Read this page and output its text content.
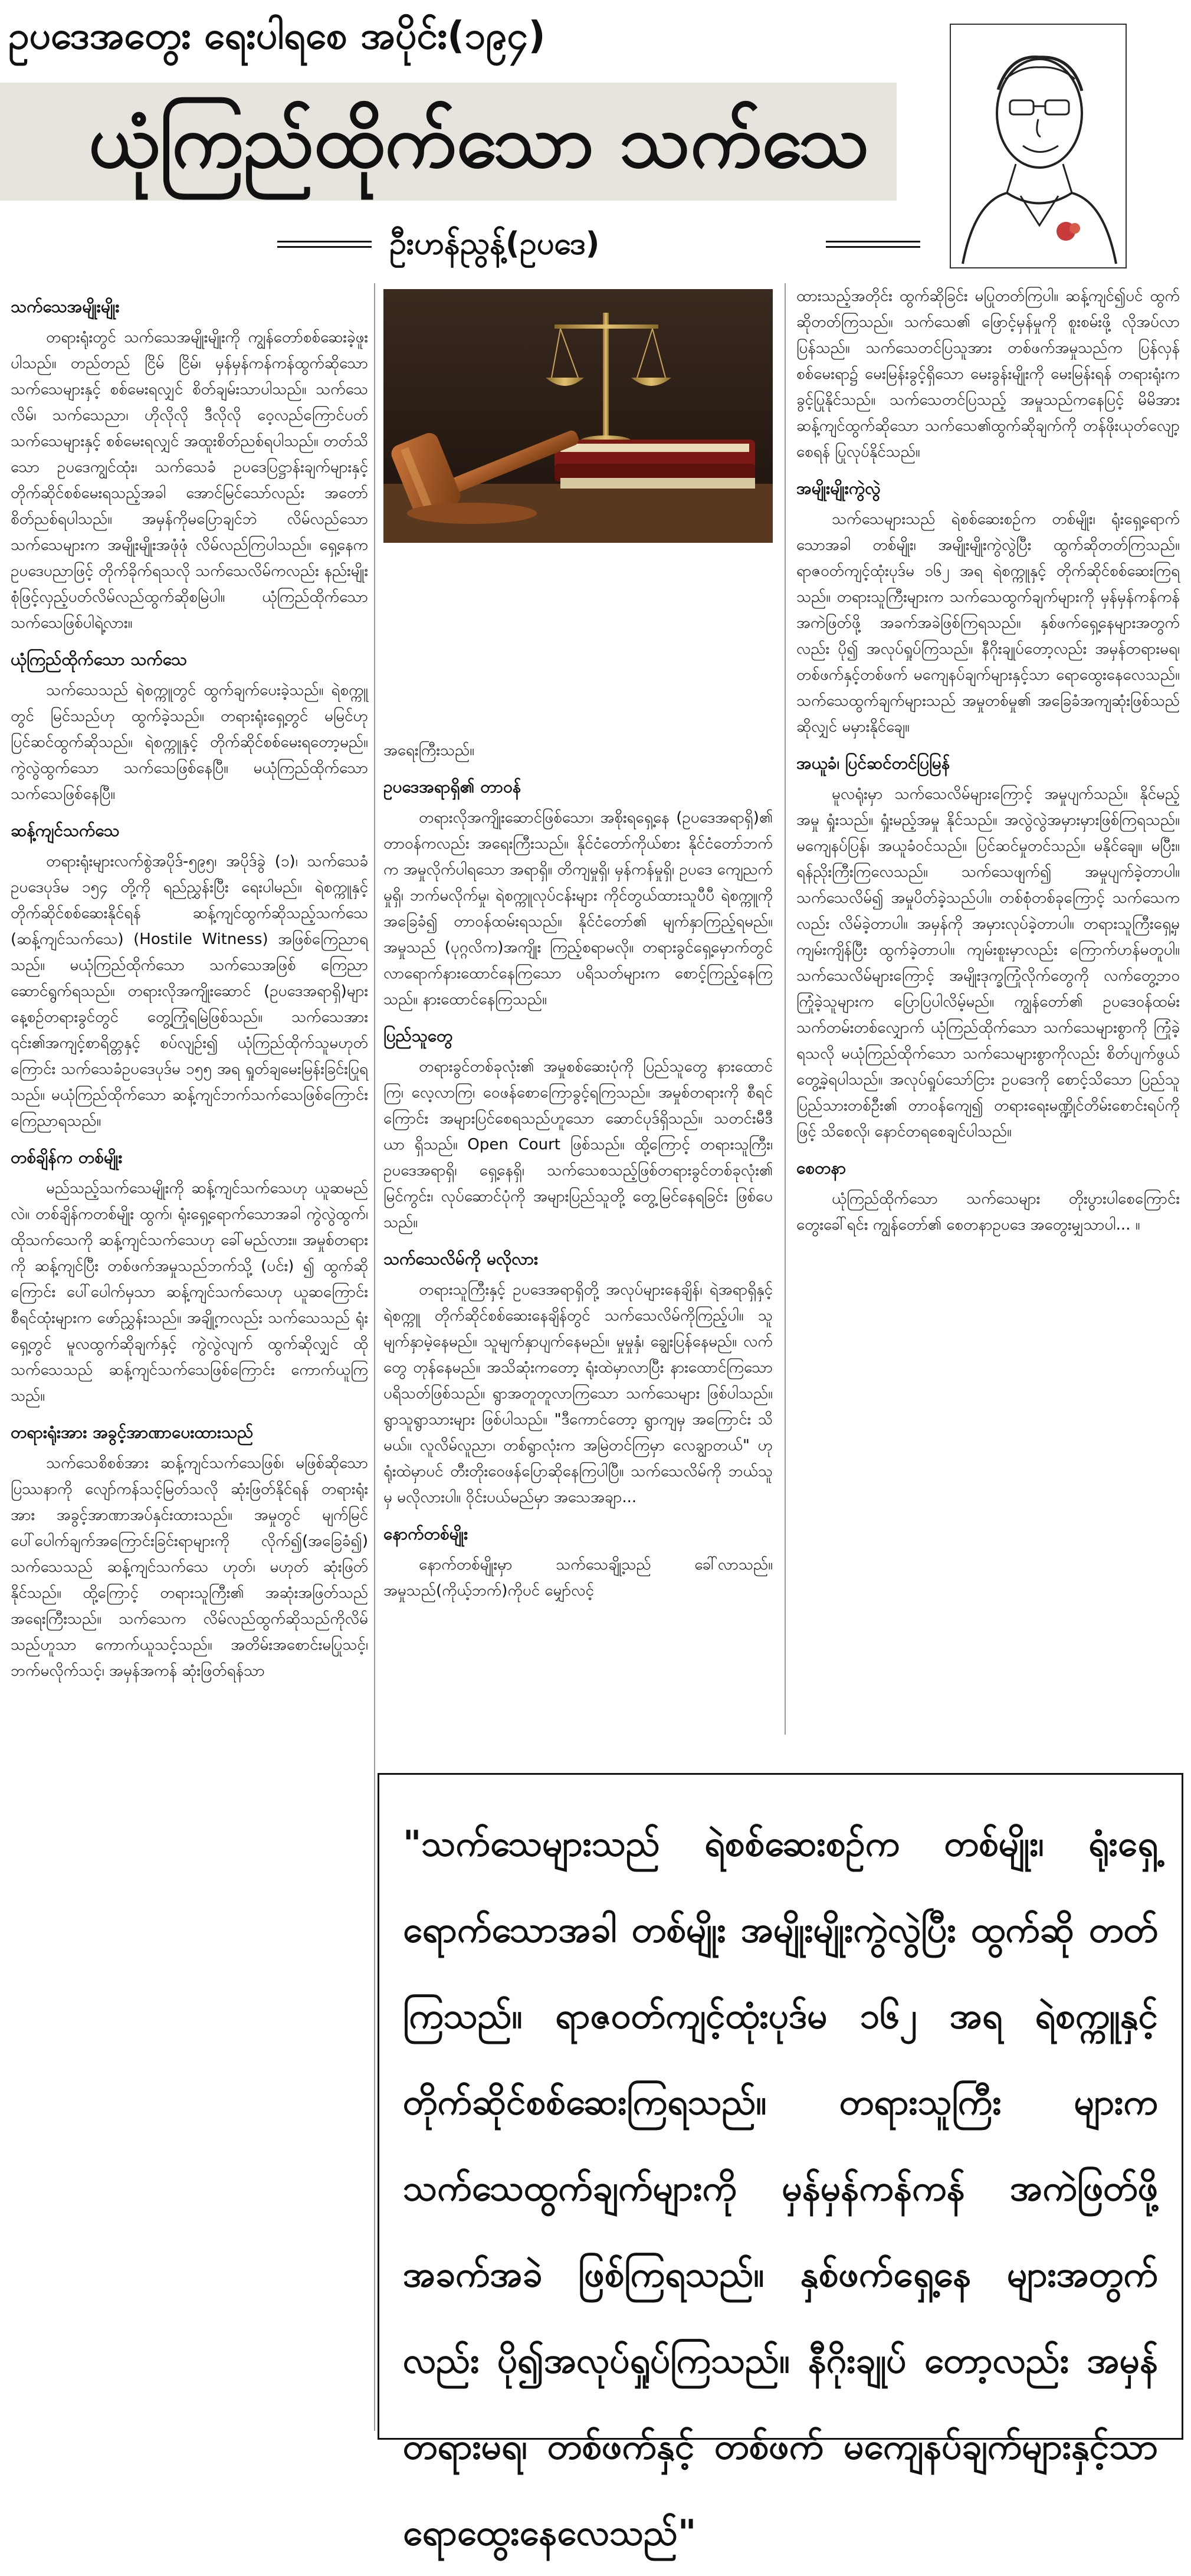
ဥပဒေအတွေး ရေးပါရစေ အပိုင်း(၁၉၄)
ယုံကြည်ထိုက်သော သက်သေ
ဦးဟန်ညွန့်(ဥပဒေ)
သက်သေအမျိုးမျိုး
တရားရုံးတွင် သက်သေအမျိုးမျိုးကို ကျွန်တော်စစ်ဆေးခဲ့ဖူးပါသည်။ တည်တည် ငြိမ် ငြိမ်၊ မှန်မှန်ကန်ကန်ထွက်ဆိုသော သက်သေများနှင့် စစ်မေးရလျှင် စိတ်ချမ်းသာပါသည်။ သက်သေလိမ်၊ သက်သေညာ၊ ဟိုလိုလို ဒီလိုလို ဝေ့လည်ကြောင်ပတ် သက်သေများနှင့် စစ်မေးရလျှင် အထူးစိတ်ညစ်ရပါသည်။ တတ်သိသော ဥပဒေကျွင်ထုံး၊ သက်သေခံ ဥပဒေပြဋ္ဌာန်းချက်များနှင့် တိုက်ဆိုင်စစ်မေးရသည့်အခါ အောင်မြင်သော်လည်း အတော်စိတ်ညစ်ရပါသည်။ အမှန်ကိုမပြောချင်ဘဲ လိမ်လည်သောသက်သေများက အမျိုးမျိုးအဖုံဖုံ လိမ်လည်ကြပါသည်။ ရှေ့နေက ဥပဒေပညာဖြင့် တိုက်ခိုက်ရသလို သက်သေလိမ်ကလည်း နည်းမျိုးစုံဖြင့်လှည့်ပတ်လိမ်လည်ထွက်ဆိုစမြဲပါ။ ယုံကြည်ထိုက်သော သက်သေဖြစ်ပါရဲ့လား။
ယုံကြည်ထိုက်သော သက်သေ
သက်သေသည် ရဲစက္ကူတွင် ထွက်ချက်ပေးခဲ့သည်။ ရဲစက္ကူတွင် မြင်သည်ဟု ထွက်ခဲ့သည်။ တရားရုံးရှေ့တွင် မမြင်ဟု ပြင်ဆင်ထွက်ဆိုသည်။ ရဲစက္ကူနှင့် တိုက်ဆိုင်စစ်မေးရတော့မည်။ ကွဲလွဲထွက်သော သက်သေဖြစ်နေပြီ။ မယုံကြည်ထိုက်သော သက်သေဖြစ်နေပြီ။
ဆန့်ကျင်သက်သေ
တရားရုံးများလက်စွဲအပိုဒ်-၅၉၅၊ အပိုဒ်ခွဲ (၁)၊ သက်သေခံဥပဒေပုဒ်မ ၁၅၄ တို့ကို ရည်ညွှန်းပြီး ရေးပါမည်။ ရဲစက္ကူနှင့် တိုက်ဆိုင်စစ်ဆေးနိုင်ရန် ဆန့်ကျင်ထွက်ဆိုသည့်သက်သေ (ဆန့်ကျင်သက်သေ) (Hostile Witness) အဖြစ်ကြေညာရသည်။ မယုံကြည်ထိုက်သော သက်သေအဖြစ် ကြေညာဆောင်ရွက်ရသည်။ တရားလိုအကျိုးဆောင် (ဥပဒေအရာရှိ)များ နေ့စဉ်တရားခွင်တွင် တွေ့ကြုံရမြဲဖြစ်သည်။ သက်သေအား ၎င်း၏အကျင့်စာရိတ္တနှင့် စပ်လျဉ်း၍ ယုံကြည်ထိုက်သူမဟုတ်ကြောင်း သက်သေခံဥပဒေပုဒ်မ ၁၅၅ အရ ရှုတ်ချမေးမြန်းခြင်းပြုရသည်။ မယုံကြည်ထိုက်သော ဆန့်ကျင်ဘက်သက်သေဖြစ်ကြောင်း ကြေညာရသည်။
တစ်ချိန်က တစ်မျိုး
မည်သည့်သက်သေမျိုးကို ဆန့်ကျင်သက်သေဟု ယူဆမည်လဲ။ တစ်ချိန်ကတစ်မျိုး ထွက်၊ ရုံးရှေ့ရောက်သောအခါ ကွဲလွဲထွက်၊ ထိုသက်သေကို ဆန့်ကျင်သက်သေဟု ခေါ်မည်လား။ အမှုစ်တရားကို ဆန့်ကျင်ပြီး တစ်ဖက်အမှုသည်ဘက်သို့ (ပင်း) ၍ ထွက်ဆိုကြောင်း ပေါ်ပေါက်မှသာ ဆန့်ကျင်သက်သေဟု ယူဆကြောင်း စီရင်ထုံးများက ဖော်ညွှန်းသည်။ အချို့ကလည်း သက်သေသည် ရုံးရှေ့တွင် မူလထွက်ဆိုချက်နှင့် ကွဲလွဲလျက် ထွက်ဆိုလျှင် ထိုသက်သေသည် ဆန့်ကျင်သက်သေဖြစ်ကြောင်း ကောက်ယူကြသည်။
တရားရုံးအား အခွင့်အာဏာပေးထားသည်
သက်သေစိစစ်အား ဆန့်ကျင်သက်သေဖြစ်၊ မဖြစ်ဆိုသော ပြဿနာကို လျော်ကန်သင့်မြတ်သလို ဆုံးဖြတ်နိုင်ရန် တရားရုံးအား အခွင့်အာဏာအပ်နှင်းထားသည်။ အမှုတွင် မျက်မြင်ပေါ်ပေါက်ချက်အကြောင်းခြင်းရာများကို လိုက်၍(အခြေခံ၍) သက်သေသည် ဆန့်ကျင်သက်သေ ဟုတ်၊ မဟုတ် ဆုံးဖြတ်နိုင်သည်။ ထို့ကြောင့် တရားသူကြီး၏ အဆုံးအဖြတ်သည် အရေးကြီးသည်။ သက်သေက လိမ်လည်ထွက်ဆိုသည်ကိုလိမ်သည်ဟူသာ ကောက်ယူသင့်သည်။ အတိမ်းအစောင်းမပြုသင့်၊ ဘက်မလိုက်သင့်၊ အမှန်အကန် ဆုံးဖြတ်ရန်သာ
အရေးကြီးသည်။
ဥပဒေအရာရှိ၏ တာဝန်
တရားလိုအကျိုးဆောင်ဖြစ်သော၊ အစိုးရရှေ့နေ (ဥပဒေအရာရှိ)၏ တာဝန်ကလည်း အရေးကြီးသည်။ နိုင်ငံတော်ကိုယ်စား နိုင်ငံတော်ဘက်က အမှုလိုက်ပါရသော အရာရှိ။ တိကျမှုရှိ၊ မှန်ကန်မှုရှိ၊ ဥပဒေ ကျေညက်မှုရှိ၊ ဘက်မလိုက်မှု၊ ရဲစက္ကူလုပ်ငန်းများ ကိုင်တွယ်ထားသူပီပီ ရဲစက္ကူကို အခြေခံ၍ တာဝန်ထမ်းရသည်။ နိုင်ငံတော်၏ မျက်နှာကြည့်ရမည်။ အမှုသည် (ပုဂ္ဂလိက)အကျိုး ကြည့်စရာမလို။ တရားခွင်ရှေ့မှောက်တွင် လာရောက်နားထောင်နေကြသော ပရိသတ်များက စောင့်ကြည့်နေကြသည်။ နားထောင်နေကြသည်။
ပြည်သူတွေ
တရားခွင်တစ်ခုလုံး၏ အမှုစစ်ဆေးပုံကို ပြည်သူတွေ နားထောင်ကြ၊ လေ့လာကြ၊ ဝေဖန်စောကြောခွင့်ရကြသည်။ အမှုစ်တရားကို စီရင်ကြောင်း အများပြင်စေရသည်ဟူသော ဆောင်ပုဒ်ရှိသည်။ သတင်းမီဒီယာ ရှိသည်။ Open Court ဖြစ်သည်။ ထို့ကြောင့် တရားသူကြီး၊ ဥပဒေအရာရှိ၊ ရှေ့နေရှိ၊ သက်သေစသည့်ဖြစ်တရားခွင်တစ်ခုလုံး၏ မြင်ကွင်း၊ လုပ်ဆောင်ပုံကို အများပြည်သူတို့ တွေ့မြင်နေရခြင်း ဖြစ်ပေသည်။
သက်သေလိမ်ကို မလိုလား
တရားသူကြီးနှင့် ဥပဒေအရာရှိတို့ အလုပ်များနေချိန်၊ ရဲအရာရှိနှင့် ရဲစက္ကူ တိုက်ဆိုင်စစ်ဆေးနေချိန်တွင် သက်သေလိမ်ကိုကြည့်ပါ။ သူမျက်နှာမဲ့နေမည်။ သူမျက်နှာပျက်နေမည်။ မှုမှုနှံ၊ ချွေးပြန်နေမည်။ လက်တွေ တုန်နေမည်။ အသိဆုံးကတော့ ရုံးထဲမှာလာပြီး နားထောင်ကြသော ပရိသတ်ဖြစ်သည်။ ရွာအတူတူလာကြသော သက်သေများ ဖြစ်ပါသည်။ ရွာသူရွာသားများ ဖြစ်ပါသည်။ "ဒီကောင်တော့ ရွာကျမှ အကြောင်း သိမယ်။ လူလိမ်လူညာ၊ တစ်ရွာလုံးက အမြဲတင်ကြမှာ လေချွာတယ်" ဟု ရုံးထဲမှာပင် တီးတိုးဝေဖန်ပြောဆိုနေကြပါပြီ။ သက်သေလိမ်ကို ဘယ်သူမှ မလိုလားပါ။ ဝိုင်းပယ်မည်မှာ အသေအချာ...
နောက်တစ်မျိုး
နောက်တစ်မျိုးမှာ သက်သေချို့သည် ခေါ်လာသည်။ အမှုသည်(ကိုယ့်ဘက်)ကိုပင် မျှော်လင့်
ထားသည့်အတိုင်း ထွက်ဆိုခြင်း မပြုတတ်ကြပါ။ ဆန့်ကျင်၍ပင် ထွက်ဆိုတတ်ကြသည်။ သက်သေ၏ ဖြောင့်မှန်မှုကို စူးစမ်းဖို့ လိုအပ်လာပြန်သည်။ သက်သေတင်ပြသူအား တစ်ဖက်အမှုသည်က ပြန်လှန်စစ်မေးရာ၌ မေးမြန်းခွင့်ရှိသော မေးခွန်းမျိုးကို မေးမြန်းရန် တရားရုံးက ခွင့်ပြုနိုင်သည်။ သက်သေတင်ပြသည့် အမှုသည်ကနေပြင့် မိမိအား ဆန့်ကျင်ထွက်ဆိုသော သက်သေ၏ထွက်ဆိုချက်ကို တန်ဖိုးယုတ်လျော့စေရန် ပြုလုပ်နိုင်သည်။
အမျိုးမျိုးကွဲလွဲ
သက်သေများသည် ရဲစစ်ဆေးစဉ်က တစ်မျိုး၊ ရုံးရှေ့ရောက်သောအခါ တစ်မျိုး၊ အမျိုးမျိုးကွဲလွဲပြီး ထွက်ဆိုတတ်ကြသည်။ ရာဇဝတ်ကျင့်ထုံးပုဒ်မ ၁၆၂ အရ ရဲစက္ကူနှင့် တိုက်ဆိုင်စစ်ဆေးကြရသည်။ တရားသူကြီးများက သက်သေထွက်ချက်များကို မှန်မှန်ကန်ကန် အကဲဖြတ်ဖို့ အခက်အခဲဖြစ်ကြရသည်။ နှစ်ဖက်ရှေ့နေများအတွက်လည်း ပို၍ အလုပ်ရှုပ်ကြသည်။ နီဂိုးချုပ်တော့လည်း အမှန်တရားမရ၊ တစ်ဖက်နှင့်တစ်ဖက် မကျေနပ်ချက်များနှင့်သာ ရောထွေးနေလေသည်။ သက်သေထွက်ချက်များသည် အမှုတစ်မှု၏ အခြေခံအကျဆုံးဖြစ်သည်ဆိုလျှင် မမှားနိုင်ချေ။
အယူခံ၊ ပြင်ဆင်တင်ပြမြန်
မူလရုံးမှာ သက်သေလိမ်များကြောင့် အမှုပျက်သည်။ နိုင်မည့်အမှု ရှုံးသည်။ ရှုံးမည့်အမှု နိုင်သည်။ အလွဲလွဲအမှားမှားဖြစ်ကြရသည်။ မကျေနပ်ပြန်၊ အယူခံဝင်သည်။ ပြင်ဆင်မှုတင်သည်။ မနိုင်ချေ။ မပြီး။ ရန်ညိုးကြီးကြလေသည်။ သက်သေဖျက်၍ အမှုပျက်ခဲ့တာပါ။ သက်သေလိမ်၍ အမှုပိတ်ခဲ့သည်ပါ။ တစ်စုံတစ်ခုကြောင့် သက်သေကလည်း လိမ်ခဲ့တာပါ။ အမှန်ကို အမှားလုပ်ခဲ့တာပါ။ တရားသူကြီးရှေ့မှ ကျမ်းကျိန်ပြီး ထွက်ခဲ့တာပါ။ ကျမ်းစူးမှာလည်း ကြောက်ဟန်မတူပါ။ သက်သေလိမ်များကြောင့် အမျိုးဒုက္ခကြုံလိုက်တွေကို လက်တွေ့ဘဝ ကြုံခဲ့သူများက ပြောပြပါလိမ့်မည်။ ကျွန်တော်၏ ဥပဒေဝန်ထမ်း သက်တမ်းတစ်လျှောက် ယုံကြည်ထိုက်သော သက်သေများစွာကို ကြုံခဲ့ရသလို မယုံကြည်ထိုက်သော သက်သေများစွာကိုလည်း စိတ်ပျက်ဖွယ် တွေ့ခဲ့ရပါသည်။ အလုပ်ရှုပ်သော်ငြား ဥပဒေကို စောင့်သိသော ပြည်သူ ပြည်သားတစ်ဦး၏ တာဝန်ကျေ၍ တရားရေးမဏ္ဍိုင်တိမ်းစောင်းရပ်ကိုဖြင့် သိစေလို၊ နောင်တရစေချင်ပါသည်။
စေတနာ
ယုံကြည်ထိုက်သော သက်သေများ တိုးပွားပါစေကြောင်း တွေးခေါ်ရင်း ကျွန်တော်၏ စေတနာဥပဒေ အတွေးမျှသာပါ... ။
"သက်သေများသည် ရဲစစ်ဆေးစဉ်က တစ်မျိုး၊ ရုံးရှေ့ ရောက်သောအခါ တစ်မျိုး အမျိုးမျိုးကွဲလွဲပြီး ထွက်ဆို တတ်ကြသည်။ ရာဇဝတ်ကျင့်ထုံးပုဒ်မ ၁၆၂ အရ ရဲစက္ကူနှင့် တိုက်ဆိုင်စစ်ဆေးကြရသည်။ တရားသူကြီး များက သက်သေထွက်ချက်များကို မှန်မှန်ကန်ကန် အကဲဖြတ်ဖို့ အခက်အခဲ ဖြစ်ကြရသည်။ နှစ်ဖက်ရှေ့နေ များအတွက်လည်း ပို၍အလုပ်ရှုပ်ကြသည်။ နီဂိုးချုပ် တော့လည်း အမှန်တရားမရ၊ တစ်ဖက်နှင့် တစ်ဖက် မကျေနပ်ချက်များနှင့်သာ ရောထွေးနေလေသည်"
